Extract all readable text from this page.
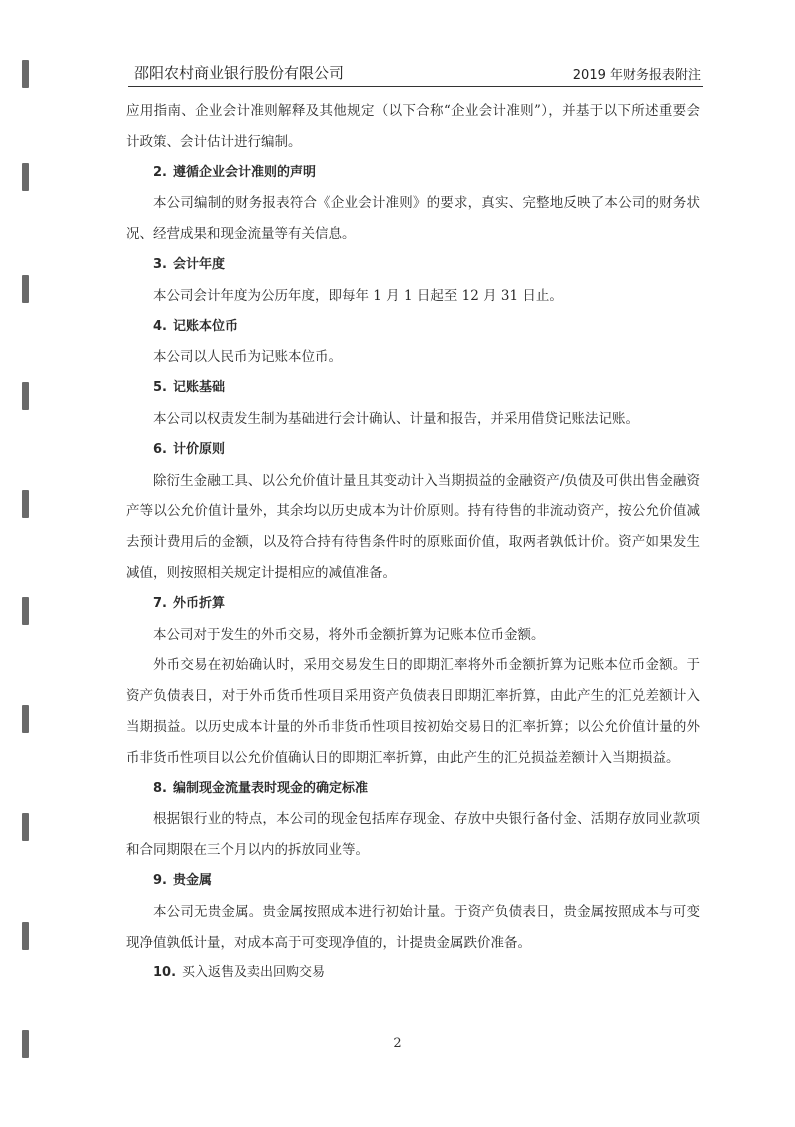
邵阳农村商业银行股份有限公司	2019 年财务报表附注

应用指南、企业会计准则解释及其他规定（以下合称“企业会计准则”），并基于以下所述重要会计政策、会计估计进行编制。

2. 遵循企业会计准则的声明

本公司编制的财务报表符合《企业会计准则》的要求，真实、完整地反映了本公司的财务状况、经营成果和现金流量等有关信息。

3. 会计年度

本公司会计年度为公历年度，即每年 1 月 1 日起至 12 月 31 日止。

4. 记账本位币

本公司以人民币为记账本位币。

5. 记账基础

本公司以权责发生制为基础进行会计确认、计量和报告，并采用借贷记账法记账。

6. 计价原则

除衍生金融工具、以公允价值计量且其变动计入当期损益的金融资产/负债及可供出售金融资产等以公允价值计量外，其余均以历史成本为计价原则。持有待售的非流动资产，按公允价值减去预计费用后的金额，以及符合持有待售条件时的原账面价值，取两者孰低计价。资产如果发生减值，则按照相关规定计提相应的减值准备。

7. 外币折算

本公司对于发生的外币交易，将外币金额折算为记账本位币金额。

外币交易在初始确认时，采用交易发生日的即期汇率将外币金额折算为记账本位币金额。于资产负债表日，对于外币货币性项目采用资产负债表日即期汇率折算，由此产生的汇兑差额计入当期损益。以历史成本计量的外币非货币性项目按初始交易日的汇率折算；以公允价值计量的外币非货币性项目以公允价值确认日的即期汇率折算，由此产生的汇兑损益差额计入当期损益。

8. 编制现金流量表时现金的确定标准

根据银行业的特点，本公司的现金包括库存现金、存放中央银行备付金、活期存放同业款项和合同期限在三个月以内的拆放同业等。

9. 贵金属

本公司无贵金属。贵金属按照成本进行初始计量。于资产负债表日，贵金属按照成本与可变现净值孰低计量，对成本高于可变现净值的，计提贵金属跌价准备。

10. 买入返售及卖出回购交易

2
